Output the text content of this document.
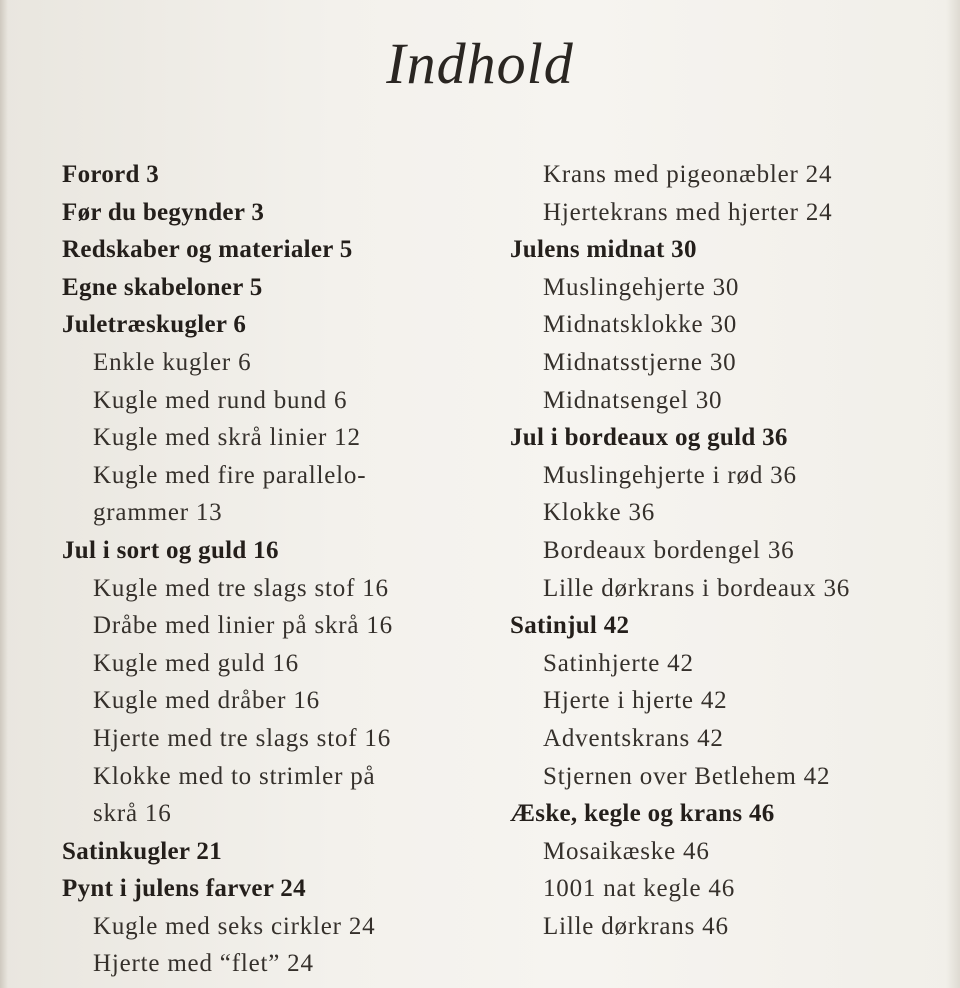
Indhold
Forord 3
Før du begynder 3
Redskaber og materialer 5
Egne skabeloner 5
Juletræskugler 6
Enkle kugler 6
Kugle med rund bund 6
Kugle med skrå linier 12
Kugle med fire parallelo-
grammer 13
Jul i sort og guld 16
Kugle med tre slags stof 16
Dråbe med linier på skrå 16
Kugle med guld 16
Kugle med dråber 16
Hjerte med tre slags stof 16
Klokke med to strimler på
skrå 16
Satinkugler 21
Pynt i julens farver 24
Kugle med seks cirkler 24
Hjerte med “flet” 24
Krans med pigeonæbler 24
Hjertekrans med hjerter 24
Julens midnat 30
Muslingehjerte 30
Midnatsklokke 30
Midnatsstjerne 30
Midnatsengel 30
Jul i bordeaux og guld 36
Muslingehjerte i rød 36
Klokke 36
Bordeaux bordengel 36
Lille dørkrans i bordeaux 36
Satinjul 42
Satinhjerte 42
Hjerte i hjerte 42
Adventskrans 42
Stjernen over Betlehem 42
Æske, kegle og krans 46
Mosaikæske 46
1001 nat kegle 46
Lille dørkrans 46
